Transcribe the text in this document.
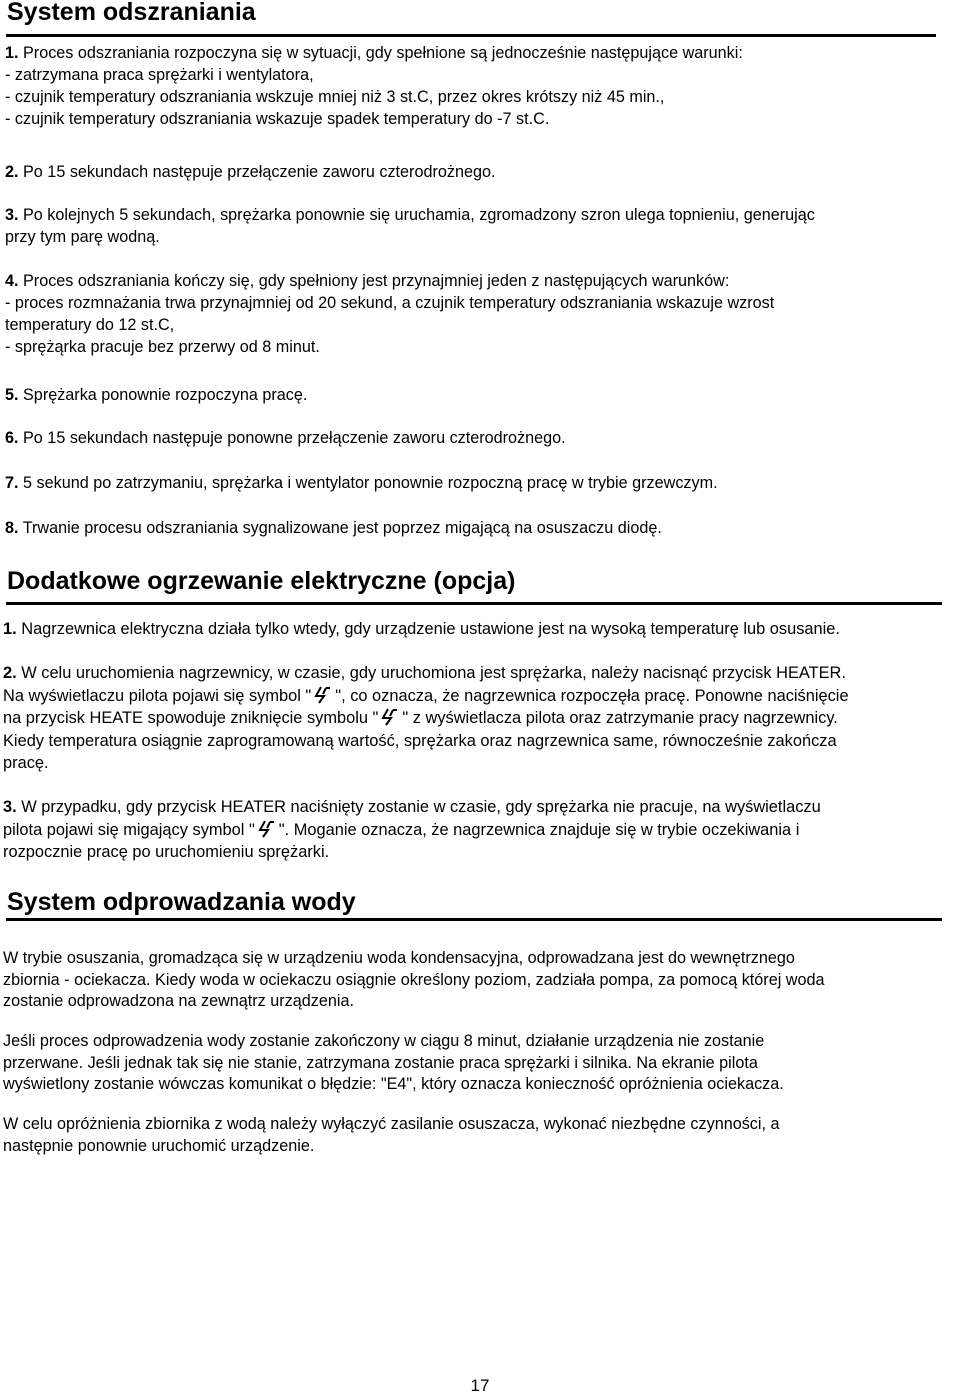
System odszraniania
1. Proces odszraniania rozpoczyna się w sytuacji, gdy spełnione są jednocześnie następujące warunki:
- zatrzymana praca sprężarki i wentylatora,
- czujnik temperatury odszraniania wskzuje mniej niż 3 st.C, przez okres krótszy niż 45 min.,
- czujnik temperatury odszraniania wskazuje spadek temperatury do -7 st.C.
2. Po 15 sekundach następuje przełączenie zaworu czterodrożnego.
3. Po kolejnych 5 sekundach, sprężarka ponownie się uruchamia, zgromadzony szron ulega topnieniu, generując
przy tym parę wodną.
4. Proces odszraniania kończy się, gdy spełniony jest przynajmniej jeden z następujących warunków:
- proces rozmnażania trwa przynajmniej od 20 sekund, a czujnik temperatury odszraniania wskazuje wzrost
temperatury do 12 st.C,
- sprężąrka pracuje bez przerwy od 8 minut.
5. Sprężarka ponownie rozpoczyna pracę.
6. Po 15 sekundach następuje ponowne przełączenie zaworu czterodrożnego.
7. 5 sekund po zatrzymaniu, sprężarka i wentylator ponownie rozpoczną pracę w trybie grzewczym.
8. Trwanie procesu odszraniania sygnalizowane jest poprzez migającą na osuszaczu diodę.
Dodatkowe ogrzewanie elektryczne (opcja)
1. Nagrzewnica elektryczna działa tylko wtedy, gdy urządzenie ustawione jest na wysoką temperaturę lub osusanie.
2. W celu uruchomienia nagrzewnicy, w czasie, gdy uruchomiona jest sprężarka, należy nacisnąć przycisk HEATER.
Na wyświetlaczu pilota pojawi się symbol " ", co oznacza, że nagrzewnica rozpoczęła pracę. Ponowne naciśnięcie
na przycisk HEATE spowoduje zniknięcie symbolu " " z wyświetlacza pilota oraz zatrzymanie pracy nagrzewnicy.
Kiedy temperatura osiągnie zaprogramowaną wartość, sprężarka oraz nagrzewnica same, równocześnie zakończa
pracę.
3. W przypadku, gdy przycisk HEATER naciśnięty zostanie w czasie, gdy sprężarka nie pracuje, na wyświetlaczu
pilota pojawi się migający symbol " ". Moganie oznacza, że nagrzewnica znajduje się w trybie oczekiwania i
rozpocznie pracę po uruchomieniu sprężarki.
System odprowadzania wody
W trybie osuszania, gromadząca się w urządzeniu woda kondensacyjna, odprowadzana jest do wewnętrznego
zbiornia - ociekacza. Kiedy woda w ociekaczu osiągnie określony poziom, zadziała pompa, za pomocą której woda
zostanie odprowadzona na zewnątrz urządzenia.
Jeśli proces odprowadzenia wody zostanie zakończony w ciągu 8 minut, działanie urządzenia nie zostanie
przerwane. Jeśli jednak tak się nie stanie, zatrzymana zostanie praca sprężarki i silnika. Na ekranie pilota
wyświetlony zostanie wówczas komunikat o błędzie: "E4", który oznacza konieczność opróżnienia ociekacza.
W celu opróżnienia zbiornika z wodą należy wyłączyć zasilanie osuszacza, wykonać niezbędne czynności, a
następnie ponownie uruchomić urządzenie.
17
